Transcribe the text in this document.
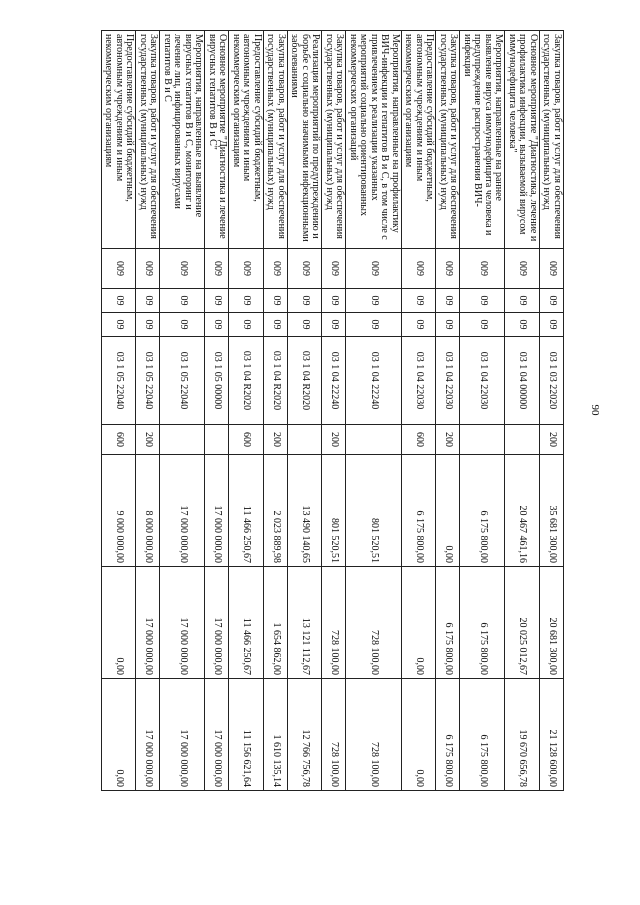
90
Закупка товаров, работ и услуг для обеспечения государственных (муниципальных) нужд	009	09	09	03 1 03 22020	200	35 681 300,00	20 681 300,00	21 128 600,00
Основное мероприятие "Диагностика, лечение и профилактика инфекции, вызываемой вирусом иммунодефицита человека"	009	09	09	03 1 04 00000		20 467 461,16	20 025 012,67	19 670 656,78
Мероприятия, направленные на раннее выявление вируса иммунодефицита человека и предупреждение распространения ВИЧ-инфекции	009	09	09	03 1 04 22030		6 175 800,00	6 175 800,00	6 175 800,00
Закупка товаров, работ и услуг для обеспечения государственных (муниципальных) нужд	009	09	09	03 1 04 22030	200	0,00	6 175 800,00	6 175 800,00
Предоставление субсидий бюджетным, автономным учреждениям и иным некоммерческим организациям	009	09	09	03 1 04 22030	600	6 175 800,00	0,00	0,00
Мероприятия, направленные на профилактику ВИЧ-инфекции и гепатитов В и С, в том числе с привлечением к реализации указанных мероприятий социально ориентированных некоммерческих организаций	009	09	09	03 1 04 22240		801 520,51	728 100,00	728 100,00
Закупка товаров, работ и услуг для обеспечения государственных (муниципальных) нужд	009	09	09	03 1 04 22240	200	801 520,51	728 100,00	728 100,00
Реализация мероприятий по предупреждению и борьбе с социально значимыми инфекционными заболеваниями	009	09	09	03 1 04 R2020		13 490 140,65	13 121 112,67	12 766 756,78
Закупка товаров, работ и услуг для обеспечения государственных (муниципальных) нужд	009	09	09	03 1 04 R2020	200	2 023 889,98	1 654 862,00	1 610 135,14
Предоставление субсидий бюджетным, автономным учреждениям и иным некоммерческим организациям	009	09	09	03 1 04 R2020	600	11 466 250,67	11 466 250,67	11 156 621,64
Основное мероприятие "Диагностика и лечение вирусных гепатитов В и С"	009	09	09	03 1 05 00000		17 000 000,00	17 000 000,00	17 000 000,00
Мероприятия, направленные на выявление вирусных гепатитов В и С, мониторинг и лечение лиц, инфицированных вирусами гепатитов В и С	009	09	09	03 1 05 22040		17 000 000,00	17 000 000,00	17 000 000,00
Закупка товаров, работ и услуг для обеспечения государственных (муниципальных) нужд	009	09	09	03 1 05 22040	200	8 000 000,00	17 000 000,00	17 000 000,00
Предоставление субсидий бюджетным, автономным учреждениям и иным некоммерческим организациям	009	09	09	03 1 05 22040	600	9 000 000,00	0,00	0,00
